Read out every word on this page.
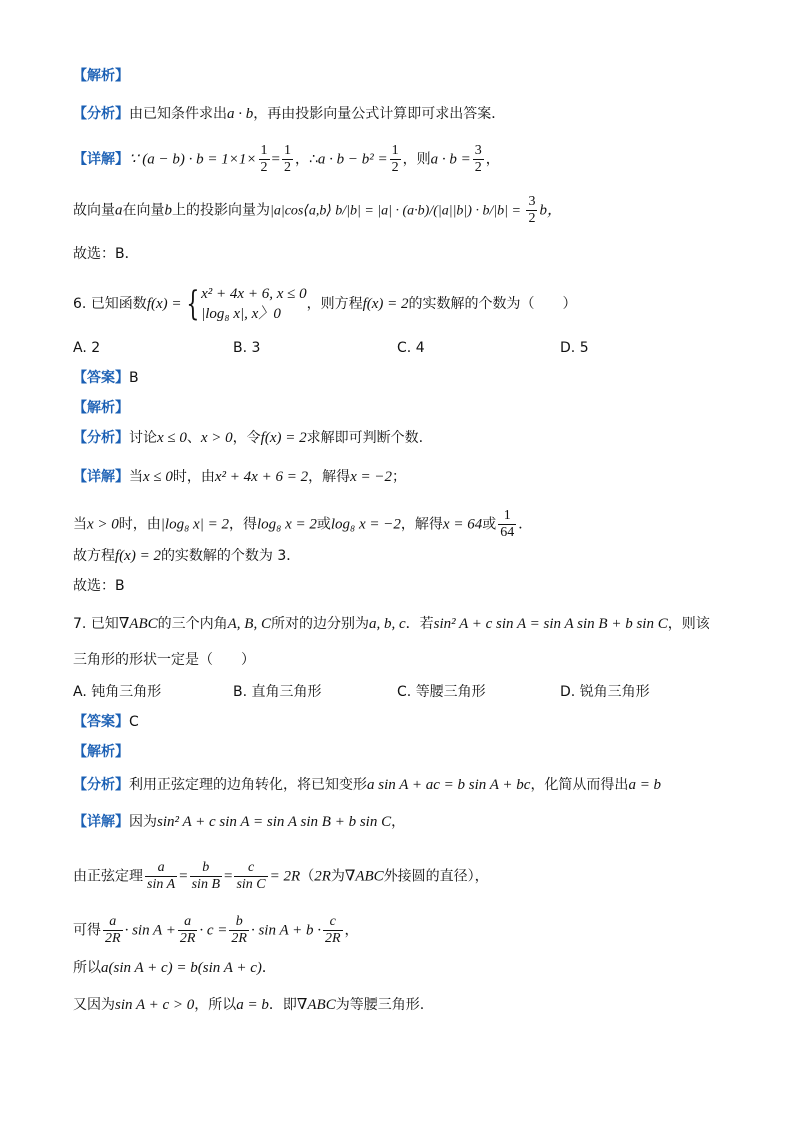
【解析】
【分析】由已知条件求出a · b，再由投影向量公式计算即可求出答案．
【详解】∵ $(a - b) \cdot b = 1\times 1\times \frac{1}{2} = \frac{1}{2}$ ，∴a · $b - b^2 = \frac{1}{2}$ ，则$a \cdot b = \frac{3}{2}$ ，
故向量a在向量b上的投影向量为|a|cos⟨a,b⟩ $b/|b| = |a| \cdot (a\cdot b)/(|a||b|) \cdot b/|b| = \frac{3}{2}$ b，
故选：B．
6. 已知函数f(x) = { x² + 4x + 6, x ≤ 0
|log₈ x|, x〉0
，则方程f(x) = 2的实数解的个数为（　　）
A. 2	B. 3	C. 4	D. 5
【答案】B
【解析】
【分析】讨论x ≤ 0、x > 0，令f(x) = 2求解即可判断个数.
【详解】当x ≤ 0时，由x² + 4x + 6 = 2，解得x = −2；
当x > 0时，由|log₈ x| = 2，得log₈ x = 2或log₈ x = −2，解得x = 64或 $\frac{1}{64}$ ．
故方程f(x) = 2的实数解的个数为 3．
故选：B
7. 已知∇ABC的三个内角A, B, C所对的边分别为a, b, c．若sin² A + c sin A = sin A sin B + b sin C，则该
三角形的形状一定是（　　）
A. 钝角三角形	B. 直角三角形	C. 等腰三角形	D. 锐角三角形
【答案】C
【解析】
【分析】利用正弦定理的边角转化，将已知变形a sin A + ac = b sin A + bc，化简从而得出a = b
【详解】因为sin² A + c sin A = sin A sin B + b sin C，
由正弦定理 $\frac{a}{\text{sin A}} = \frac{b}{\text{sin B}} = \frac{c}{\text{sin C}} = 2R(2R$为∇ABC外接圆的直径），
可得 $\frac{a}{2R} \cdot \sin A + \frac{a}{2R} \cdot c = \frac{b}{2R} \cdot \sin A + b \cdot \frac{c}{2R}$ ，
所以a(sin A + c) = b(sin A + c)．
又因为sin A + c > 0，所以a = b．即∇ABC为等腰三角形.
